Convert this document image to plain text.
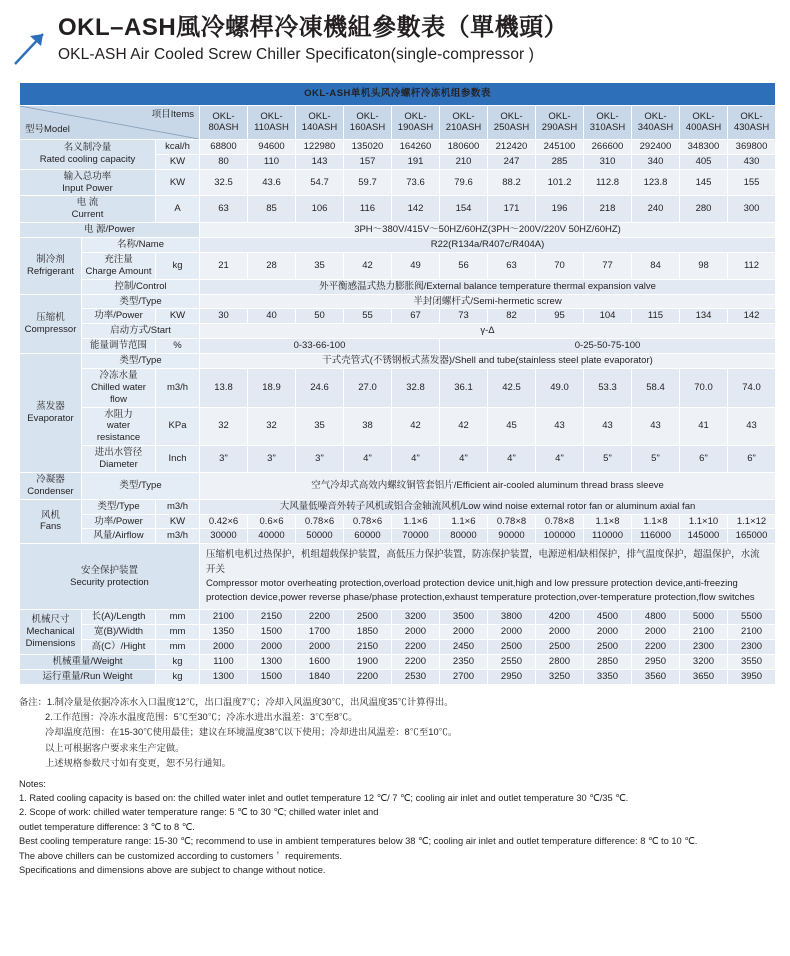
OKL–ASH風冷螺桿冷凍機組參數表（單機頭）
OKL-ASH Air Cooled Screw Chiller Specificaton(single-compressor )
OKL-ASH单机头风冷螺杆冷冻机组参数表														

型号Model
项目Items			OKL-80ASH	OKL-110ASH	OKL-140ASH	OKL-160ASH	OKL-190ASH	OKL-210ASH	OKL-250ASH	OKL-290ASH	OKL-310ASH	OKL-340ASH	OKL-400ASH	OKL-430ASH

名义制冷量
Rated cooling capacity		kcal/h	68800	94600	122980	135020	164260	180600	212420	245100	266600	292400	348300	369800
		KW	80	110	143	157	191	210	247	285	310	340	405	430

输入总功率
Input Power		KW	32.5	43.6	54.7	59.7	73.6	79.6	88.2	101.2	112.8	123.8	145	155

电 流
Current		A	63	85	106	116	142	154	171	196	218	240	280	300
电 源/Power			3PH～380V/415V～50HZ/60HZ(3PH～200V/220V 50HZ/60HZ)											

制冷剂
Refrigerant	名称/Name		R22(R134a/R407c/R404A)											

	充注量
Charge Amount	kg	21	28	35	42	49	56	63	70	77	84	98	112
	控制/Control		外平衡感温式热力膨胀阀/External balance temperature thermal expansion valve											

压缩机
Compressor	类型/Type		半封闭螺杆式/Semi-hermetic screw											
	功率/Power	KW	30	40	50	55	67	73	82	95	104	115	134	142
	启动方式/Start		γ-Δ											
	能量调节范围	%	0-33-66-100					0-25-50-75-100						

蒸发器
Evaporator	类型/Type		干式壳管式(不锈钢板式蒸发器)/Shell and tube(stainless steel plate evaporator)											

	冷冻水量
Chilled water flow	m3/h	13.8	18.9	24.6	27.0	32.8	36.1	42.5	49.0	53.3	58.4	70.0	74.0

	水阻力
water resistance	KPa	32	32	35	38	42	42	45	43	43	43	41	43

	进出水管径
Diameter	Inch	3"	3"	3"	4"	4"	4"	4"	4"	5"	5"	6"	6"

冷凝器
Condenser	类型/Type		空气冷却式高效内螺纹铜管套铝片/Efficient air-cooled aluminum thread brass sleeve											

风机
Fans	类型/Type	m3/h	大风量低噪音外转子风机或铝合金轴流风机/Low wind noise external rotor fan or aluminum axial fan											
	功率/Power	KW	0.42×6	0.6×6	0.78×6	0.78×6	1.1×6	1.1×6	0.78×8	0.78×8	1.1×8	1.1×8	1.1×10	1.1×12
	风量/Airflow	m3/h	30000	40000	50000	60000	70000	80000	90000	100000	110000	116000	145000	165000

安全保护装置
Security protection

压缩机电机过热保护，机组超载保护装置，高低压力保护装置，防冻保护装置，电源逆相/缺相保护，排气温度保护，超温保护，水流开关
Compressor motor overheating protection,overload protection device unit,high and low pressure protection device,anti-freezing protection device,power reverse phase/phase protection,exhaust temperature protection,over-temperature protection,flow switches

机械尺寸
Mechanical
Dimensions	长(A)/Length	mm	2100	2150	2200	2500	3200	3500	3800	4200	4500	4800	5000	5500
	宽(B)/Width	mm	1350	1500	1700	1850	2000	2000	2000	2000	2000	2000	2100	2100
	高(C）/Hight	mm	2000	2000	2000	2150	2200	2450	2500	2500	2500	2200	2300	2300
机械重量/Weight		kg	1100	1300	1600	1900	2200	2350	2550	2800	2850	2950	3200	3550
运行重量/Run Weight		kg	1300	1500	1840	2200	2530	2700	2950	3250	3350	3560	3650	3950

备注：1.制冷量是依据冷冻水入口温度12℃，出口温度7℃；冷却入风温度30℃，出风温度35℃计算得出。

2.工作范围：冷冻水温度范围：5℃至30℃；冷冻水进出水温差：3℃至8℃。

冷却温度范围：在15-30℃使用最佳；建议在环境温度38℃以下使用；冷却进出风温差：8℃至10℃。

以上可根据客户要求来生产定做。

上述规格参数尺寸如有变更，恕不另行通知。

Notes:

1. Rated cooling capacity is based on: the chilled water inlet and outlet temperature 12 ℃/ 7 ℃; cooling air inlet and outlet temperature 30 ℃/35 ℃.

2. Scope of work: chilled water temperature range: 5 ℃ to 30 ℃; chilled water inlet and

outlet temperature difference: 3 ℃ to 8 ℃.

Best cooling temperature range: 15-30 ℃; recommend to use in ambient temperatures below 38 ℃; cooling air inlet and outlet temperature difference: 8 ℃ to 10 ℃.

The above chillers can be customized according to customers＇ requirements.

Specifications and dimensions above are subject to change without notice.
